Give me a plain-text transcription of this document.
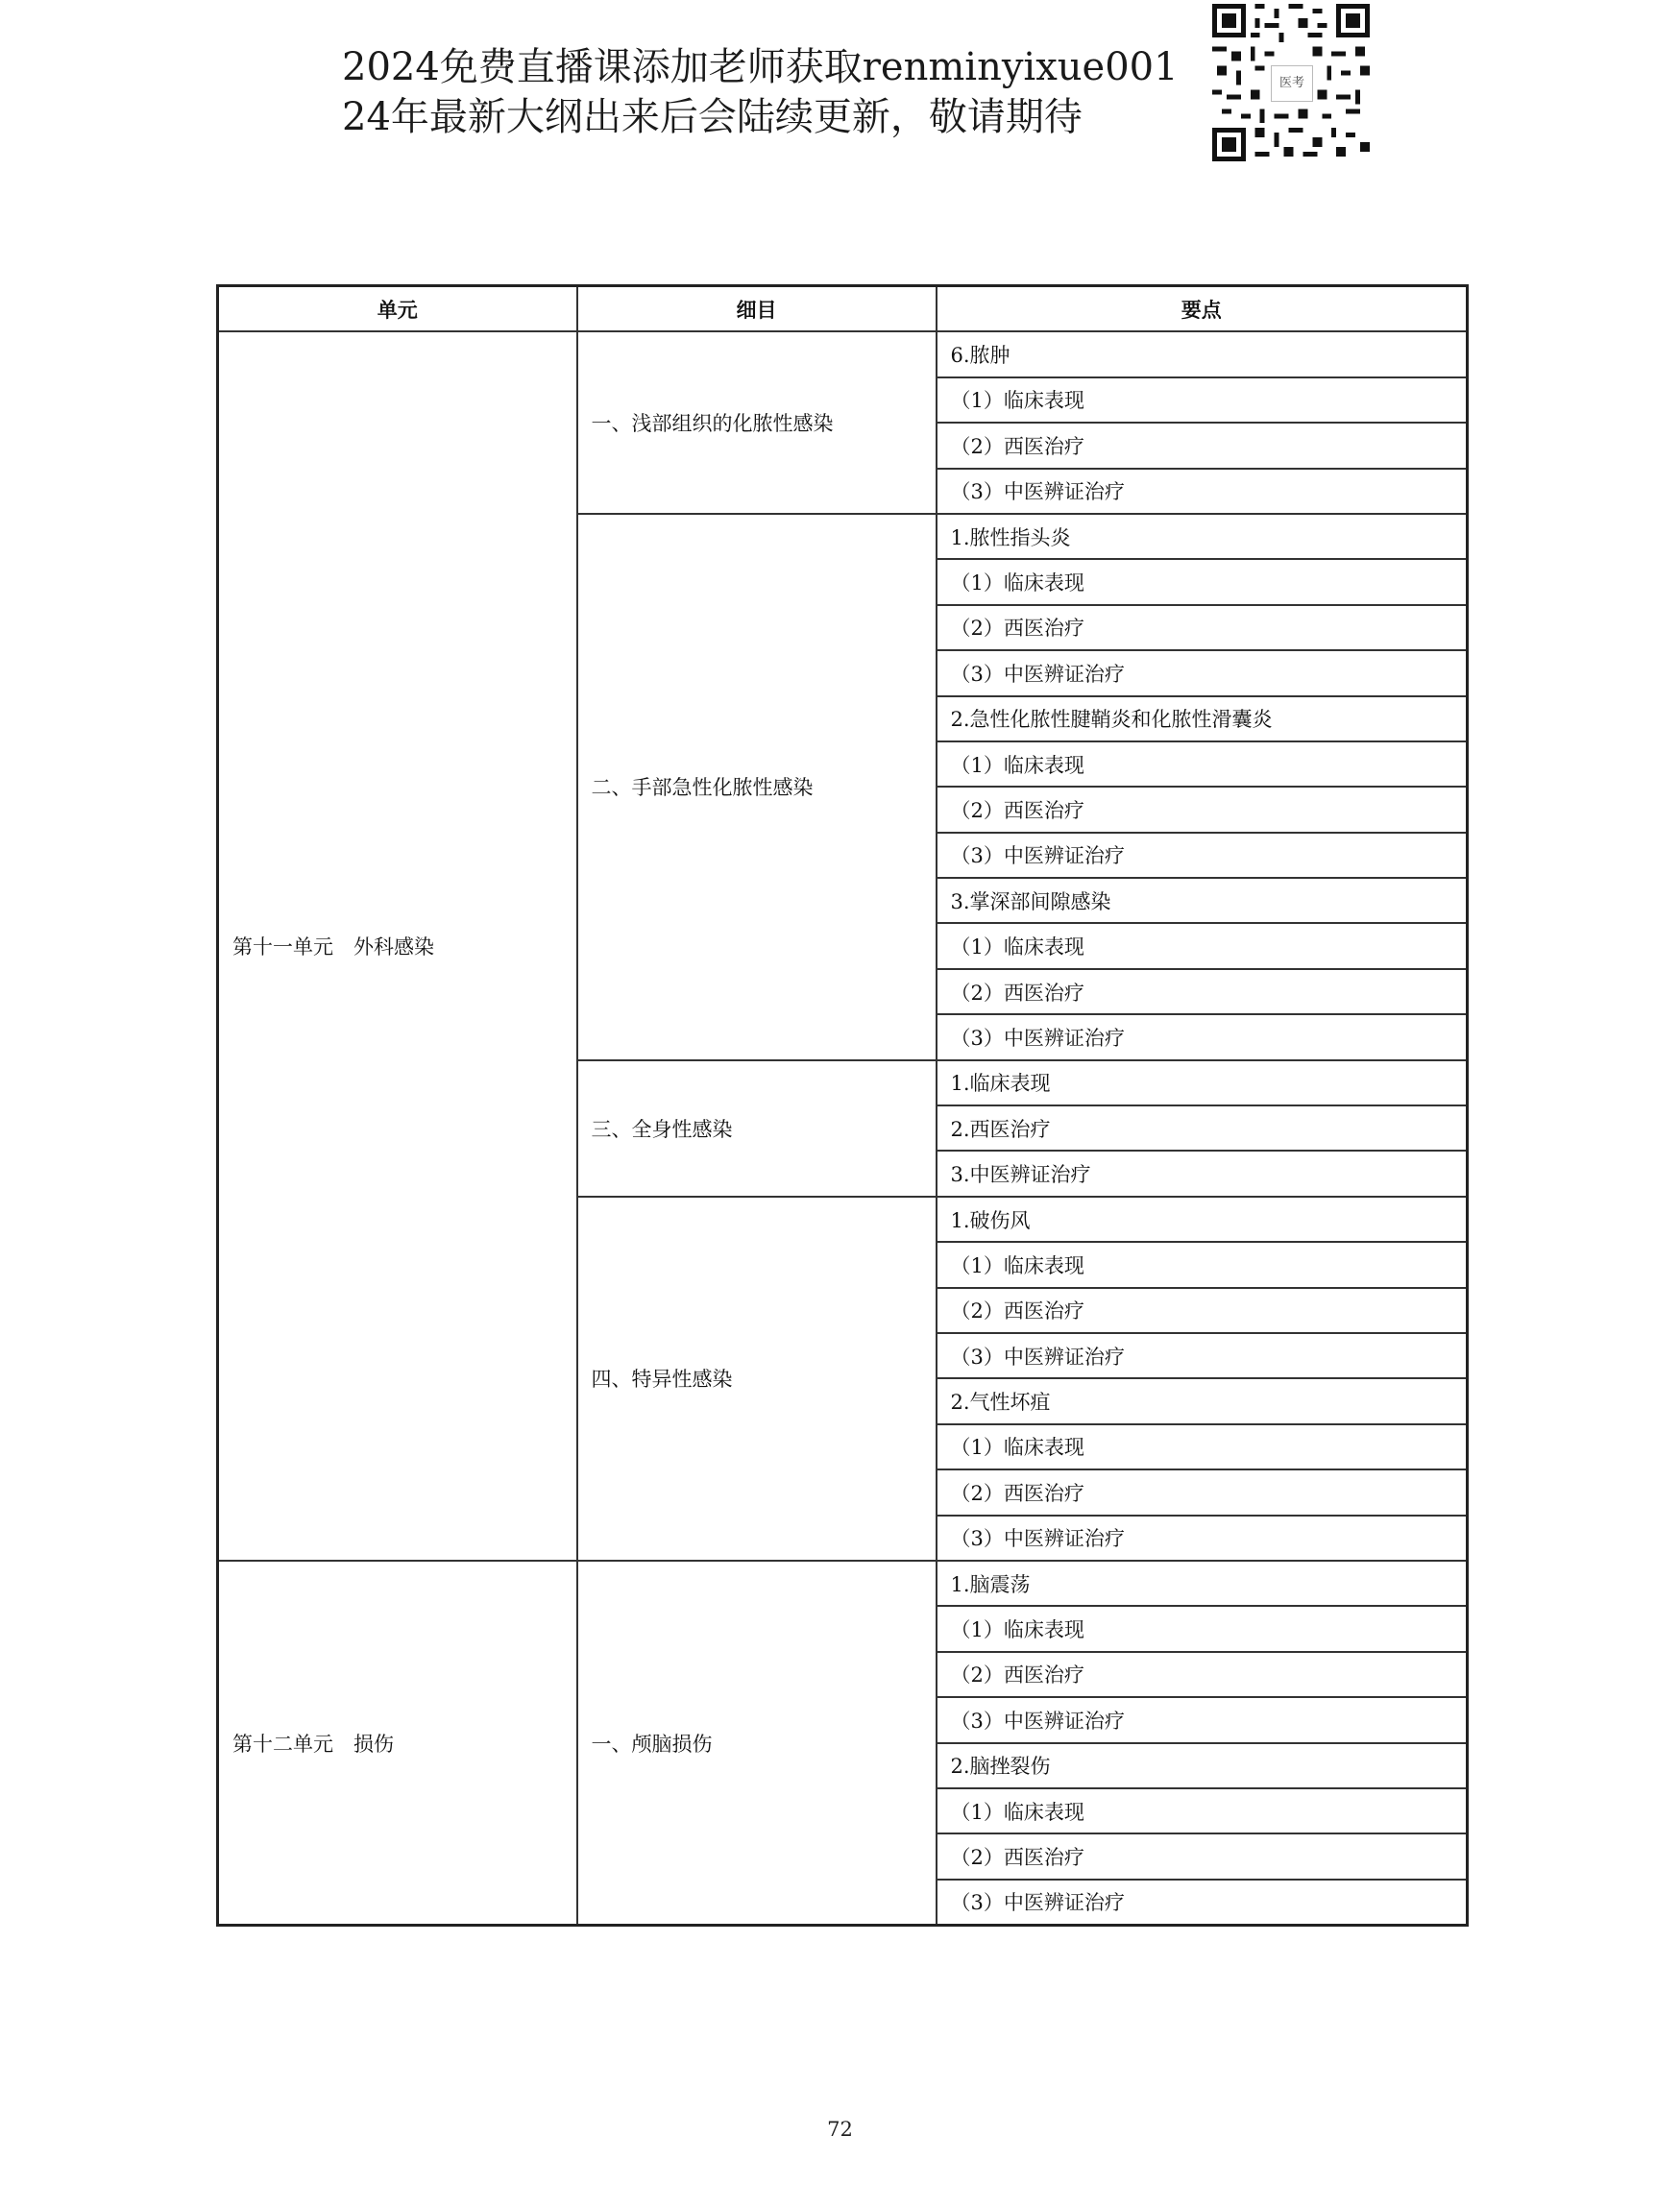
2024免费直播课添加老师获取renminyixue001
24年最新大纲出来后会陆续更新，敬请期待
医考
单元	细目	要点
第十一单元　外科感染	一、浅部组织的化脓性感染	6.脓肿
		（1）临床表现
		（2）西医治疗
		（3）中医辨证治疗
	二、手部急性化脓性感染	1.脓性指头炎
		（1）临床表现
		（2）西医治疗
		（3）中医辨证治疗
		2.急性化脓性腱鞘炎和化脓性滑囊炎
		（1）临床表现
		（2）西医治疗
		（3）中医辨证治疗
		3.掌深部间隙感染
		（1）临床表现
		（2）西医治疗
		（3）中医辨证治疗
	三、全身性感染	1.临床表现
		2.西医治疗
		3.中医辨证治疗
	四、特异性感染	1.破伤风
		（1）临床表现
		（2）西医治疗
		（3）中医辨证治疗
		2.气性坏疽
		（1）临床表现
		（2）西医治疗
		（3）中医辨证治疗
第十二单元　损伤	一、颅脑损伤	1.脑震荡
		（1）临床表现
		（2）西医治疗
		（3）中医辨证治疗
		2.脑挫裂伤
		（1）临床表现
		（2）西医治疗
		（3）中医辨证治疗
72
